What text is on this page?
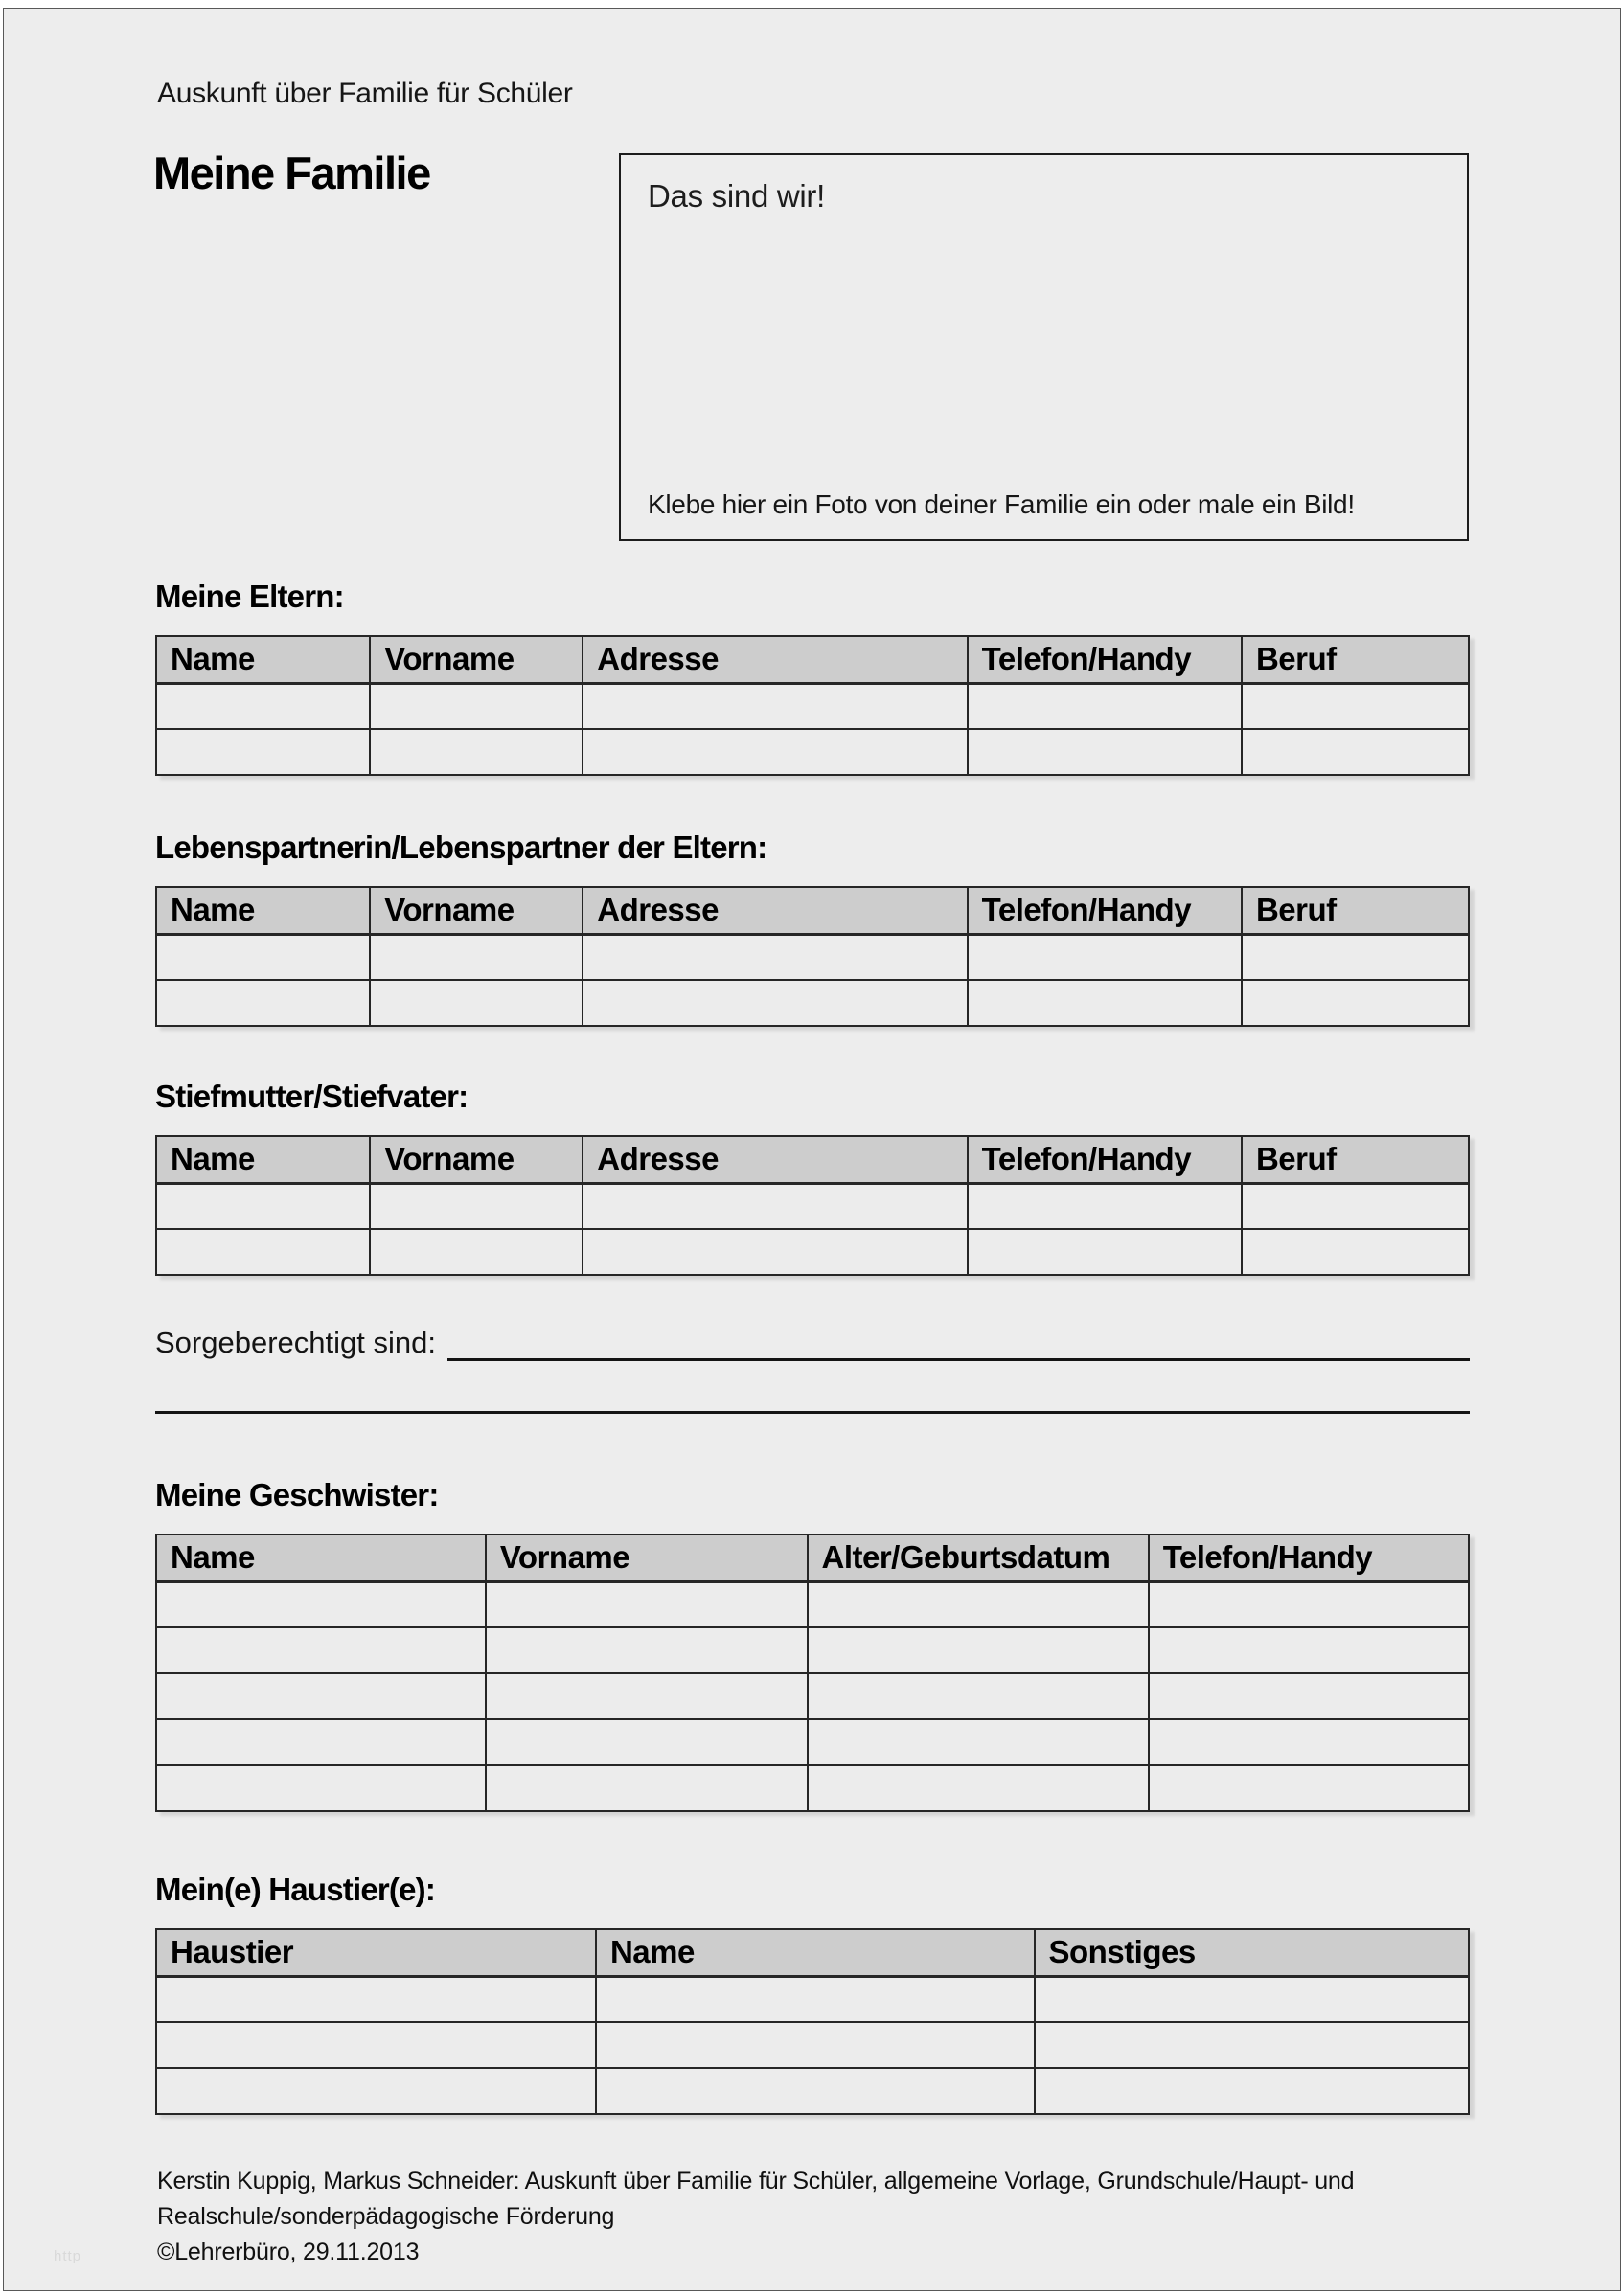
Auskunft über Familie für Schüler
Meine Familie	Das sind wir!
Klebe hier ein Foto von deiner Familie ein oder male ein Bild!
Meine Eltern:
Name	Vorname	Adresse	Telefon/Handy	Beruf

Lebenspartnerin/Lebenspartner der Eltern:
Name	Vorname	Adresse	Telefon/Handy	Beruf

Stiefmutter/Stiefvater:
Name	Vorname	Adresse	Telefon/Handy	Beruf

Sorgeberechtigt sind:
Meine Geschwister:
Name	Vorname	Alter/Geburtsdatum	Telefon/Handy

Mein(e) Haustier(e):
Haustier	Name	Sonstiges

Kerstin Kuppig, Markus Schneider: Auskunft über Familie für Schüler, allgemeine Vorlage, Grundschule/Haupt- und
Realschule/sonderpädagogische Förderung
©Lehrerbüro, 29.11.2013
http
